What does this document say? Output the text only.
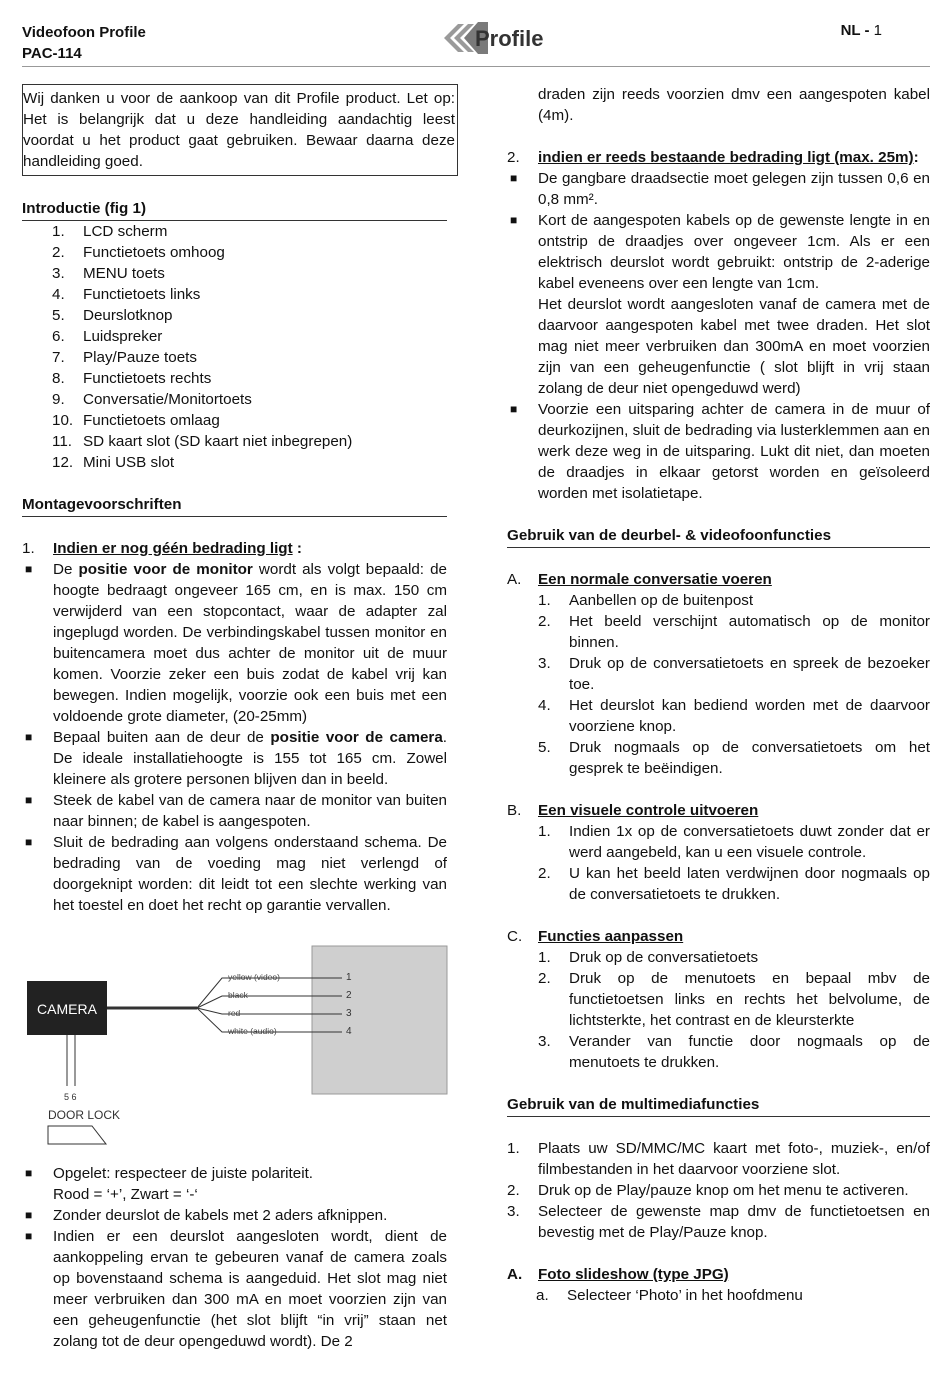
Videofoon Profile
PAC-114
Profile	NL - 1

Wij danken u voor de aankoop van dit Profile product. Let op: Het is belangrijk dat u deze handleiding aandachtig leest voordat u het product gaat gebruiken. Bewaar daarna deze handleiding goed.

Introductie (fig 1)
1. LCD scherm
2. Functietoets omhoog
3. MENU toets
4. Functietoets links
5. Deurslotknop
6. Luidspreker
7. Play/Pauze toets
8. Functietoets rechts
9. Conversatie/Monitortoets
10. Functietoets omlaag
11. SD kaart slot (SD kaart niet inbegrepen)
12. Mini USB slot
Montagevoorschriften
1. Indien er nog géén bedrading ligt :
■ De positie voor de monitor wordt als volgt bepaald: de hoogte bedraagt ongeveer 165 cm, en is max. 150 cm verwijderd van een stopcontact, waar de adapter zal ingeplugd worden. De verbindingskabel tussen monitor en buitencamera moet dus achter de monitor uit de muur komen. Voorzie zeker een buis zodat de kabel vrij kan bewegen. Indien mogelijk, voorzie ook een buis met een voldoende grote diameter, (20-25mm)
■ Bepaal buiten aan de deur de positie voor de camera. De ideale installatiehoogte is 155 tot 165 cm. Zowel kleinere als grotere personen blijven dan in beeld.
■ Steek de kabel van de camera naar de monitor van buiten naar binnen; de kabel is aangespoten.
■ Sluit de bedrading aan volgens onderstaand schema. De bedrading van de voeding mag niet verlengd of doorgeknipt worden: dit leidt tot een slechte werking van het toestel en doet het recht op garantie vervallen.
CAMERA
yellow (video)
black
red
white (audio)
1
2
3
4
5 6
DOOR LOCK
■ Opgelet: respecteer de juiste polariteit.
Rood = ‘+’, Zwart = ‘-‘
■ Zonder deurslot de kabels met 2 aders afknippen.
■ Indien er een deurslot aangesloten wordt, dient de aankoppeling ervan te gebeuren vanaf de camera zoals op bovenstaand schema is aangeduid. Het slot mag niet meer verbruiken dan 300 mA en moet voorzien zijn van een geheugenfunctie (het slot blijft “in vrij” staan net zolang tot de deur opengeduwd wordt). De 2

draden zijn reeds voorzien dmv een aangespoten kabel (4m).

2. indien er reeds bestaande bedrading ligt (max. 25m):
■ De gangbare draadsectie moet gelegen zijn tussen 0,6 en 0,8 mm².
■ Kort de aangespoten kabels op de gewenste lengte in en ontstrip de draadjes over ongeveer 1cm. Als er een elektrisch deurslot wordt gebruikt: ontstrip de 2-aderige kabel eveneens over een lengte van 1cm.
Het deurslot wordt aangesloten vanaf de camera met de daarvoor aangespoten kabel met twee draden. Het slot mag niet meer verbruiken dan 300mA en moet voorzien zijn van een geheugenfunctie ( slot blijft in vrij staan zolang de deur niet opengeduwd werd)
■ Voorzie een uitsparing achter de camera in de muur of deurkozijnen, sluit de bedrading via lusterklemmen aan en werk deze weg in de uitsparing. Lukt dit niet, dan moeten de draadjes in elkaar getorst worden en geïsoleerd worden met isolatietape.
Gebruik van de deurbel- & videofoonfuncties
A. Een normale conversatie voeren
1. Aanbellen op de buitenpost
2. Het beeld verschijnt automatisch op de monitor binnen.
3. Druk op de conversatietoets en spreek de bezoeker toe.
4. Het deurslot kan bediend worden met de daarvoor voorziene knop.
5. Druk nogmaals op de conversatietoets om het gesprek te beëindigen.
B. Een visuele controle uitvoeren
1. Indien 1x op de conversatietoets duwt zonder dat er werd aangebeld, kan u een visuele controle.
2. U kan het beeld laten verdwijnen door nogmaals op de conversatietoets te drukken.
C. Functies aanpassen
1. Druk op de conversatietoets
2. Druk op de menutoets en bepaal mbv de functietoetsen links en rechts het belvolume, de lichtsterkte, het contrast en de kleursterkte
3. Verander van functie door nogmaals op de menutoets te drukken.
Gebruik van de multimediafuncties
1. Plaats uw SD/MMC/MC kaart met foto-, muziek-, en/of filmbestanden in het daarvoor voorziene slot.
2. Druk op de Play/pauze knop om het menu te activeren.
3. Selecteer de gewenste map dmv de functietoetsen en bevestig met de Play/Pauze knop.
A. Foto slideshow (type JPG)
a. Selecteer ‘Photo’ in het hoofdmenu
